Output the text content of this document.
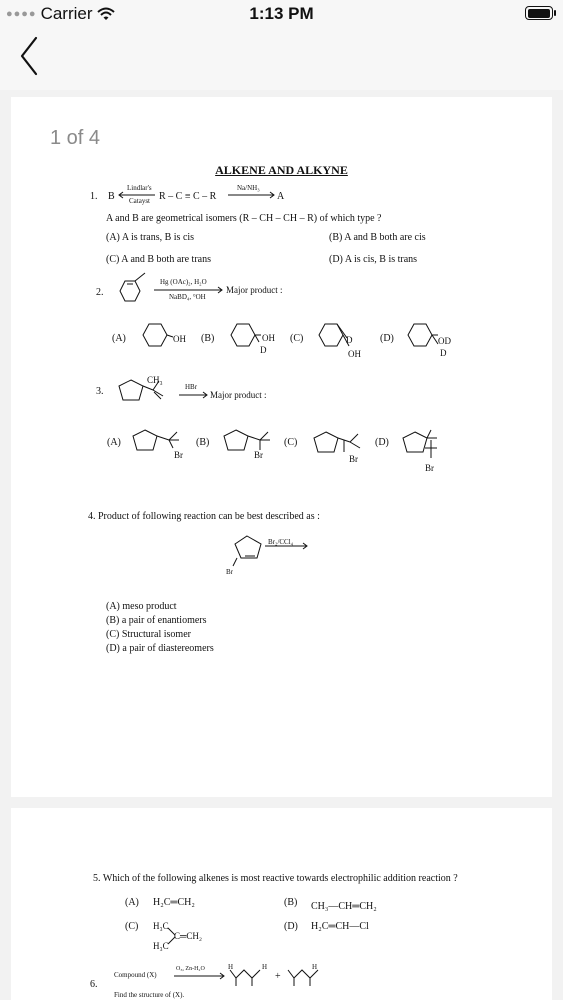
●●●● Carrier	1:13 PM
1 of 4
ALKENE AND ALKYNE
1. B
Lindlar's
Catayst R – C ≡ C – R
Na/NH₃
A
A and B are geometrical isomers (R – CH – CH – R) of which type ?
(A) A is trans, B is cis	(B) A and B both are cis
(C) A and B both are trans	(D) A is cis, B is trans
2.
Hg (OAc)₂, H₂O
NaBD₄, °OH
Major product :
(A)	OH (B)	OH
D
(C)	D
OH
(D)	OD
D
3.
CH₃
HBr
Major product :
(A)
Br
(B)
Br
(C)
Br
(D)
Br
4. Product of following reaction can be best described as :
Br₂/CCl₄
Br
(A) meso product
(B) a pair of enantiomers
(C) Structural isomer
(D) a pair of diastereomers
5. Which of the following alkenes is most reactive towards electrophilic addition reaction ?
(A) H₂C═CH₂	(B) CH₃—CH═CH₂
(C) H₃C
C═CH₂
H₃C
(D) H₂C═CH—Cl
6.
Compound (X)
O₃, Zn-H₂O	H	H
+
H
Find the structure of (X).
